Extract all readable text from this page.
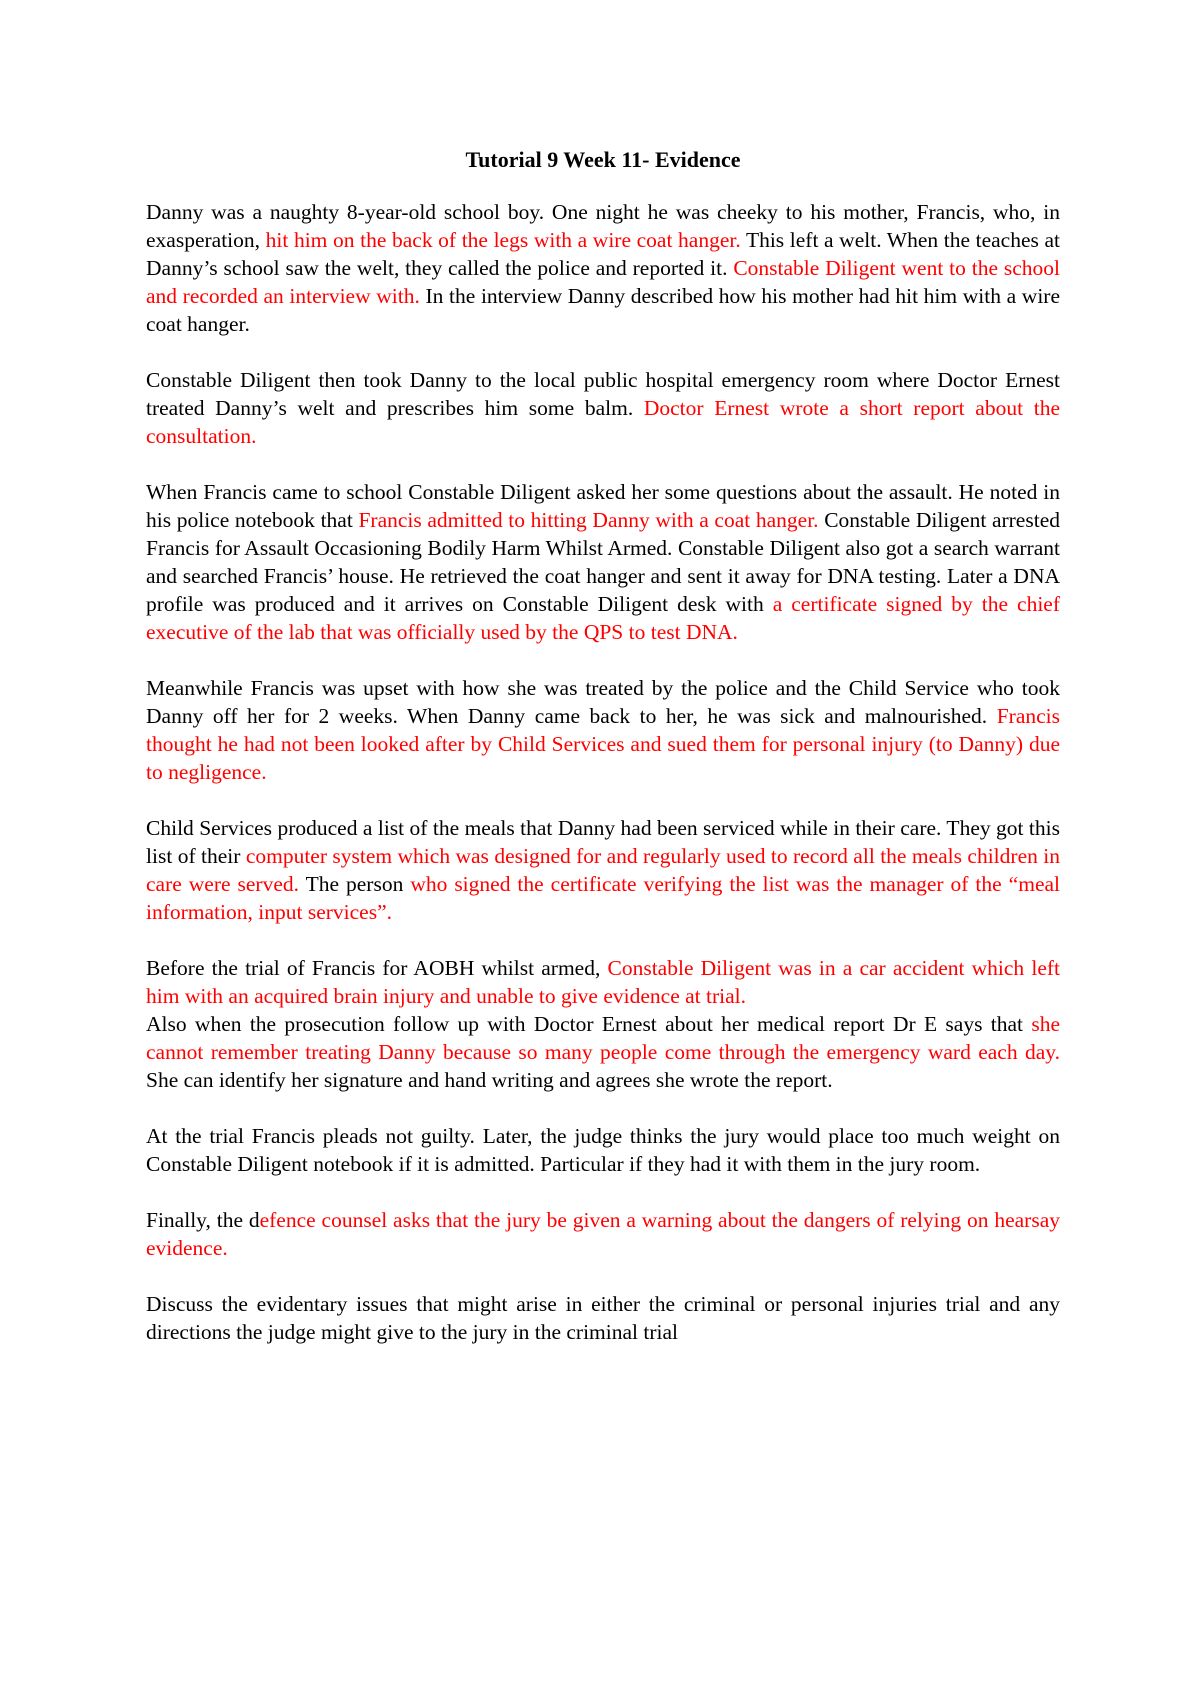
Tutorial 9 Week 11- Evidence

Danny was a naughty 8-year-old school boy. One night he was cheeky to his mother, Francis, who, in exasperation, hit him on the back of the legs with a wire coat hanger. This left a welt. When the teaches at Danny’s school saw the welt, they called the police and reported it. Constable Diligent went to the school and recorded an interview with. In the interview Danny described how his mother had hit him with a wire coat hanger.

Constable Diligent then took Danny to the local public hospital emergency room where Doctor Ernest treated Danny’s welt and prescribes him some balm. Doctor Ernest wrote a short report about the consultation.

When Francis came to school Constable Diligent asked her some questions about the assault. He noted in his police notebook that Francis admitted to hitting Danny with a coat hanger. Constable Diligent arrested Francis for Assault Occasioning Bodily Harm Whilst Armed. Constable Diligent also got a search warrant and searched Francis’ house. He retrieved the coat hanger and sent it away for DNA testing. Later a DNA profile was produced and it arrives on Constable Diligent desk with a certificate signed by the chief executive of the lab that was officially used by the QPS to test DNA.

Meanwhile Francis was upset with how she was treated by the police and the Child Service who took Danny off her for 2 weeks. When Danny came back to her, he was sick and malnourished. Francis thought he had not been looked after by Child Services and sued them for personal injury (to Danny) due to negligence.

Child Services produced a list of the meals that Danny had been serviced while in their care. They got this list of their computer system which was designed for and regularly used to record all the meals children in care were served. The person who signed the certificate verifying the list was the manager of the “meal information, input services”.

Before the trial of Francis for AOBH whilst armed, Constable Diligent was in a car accident which left him with an acquired brain injury and unable to give evidence at trial.

Also when the prosecution follow up with Doctor Ernest about her medical report Dr E says that she cannot remember treating Danny because so many people come through the emergency ward each day. She can identify her signature and hand writing and agrees she wrote the report.

At the trial Francis pleads not guilty. Later, the judge thinks the jury would place too much weight on Constable Diligent notebook if it is admitted. Particular if they had it with them in the jury room.

Finally, the defence counsel asks that the jury be given a warning about the dangers of relying on hearsay evidence.

Discuss the evidentary issues that might arise in either the criminal or personal injuries trial and any directions the judge might give to the jury in the criminal trial
